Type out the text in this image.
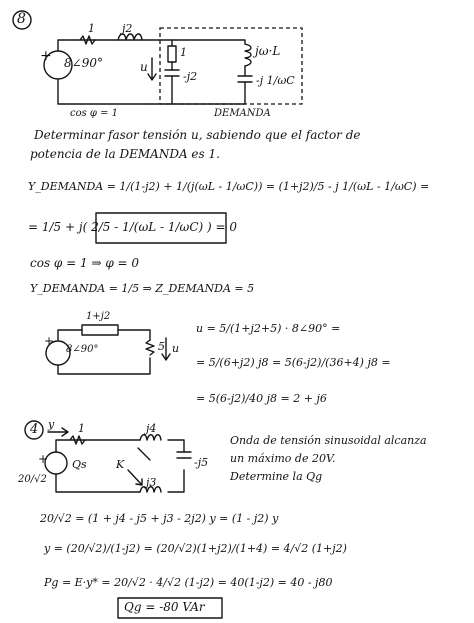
8
+ 8∠90°
1 j2
u
1
-j2
jω·L
-j 1/ωC
cos φ = 1	DEMANDA
Determinar fasor tensión u, sabiendo que el factor de
potencia de la DEMANDA es 1.
Y_DEMANDA = 1/(1-j2) + 1/(j(ωL - 1/ωC)) = (1+j2)/5 - j 1/(ωL - 1/ωC) =
= 1/5 + j( 2/5 - 1/(ωL - 1/ωC) ) = 0
cos φ = 1 ⇒ φ = 0
Y_DEMANDA = 1/5 ⇒ Z_DEMANDA = 5
1+j2
5 u
8∠90°
+
u = 5/(1+j2+5) · 8∠90° =
= 5/(6+j2) j8 = 5(6-j2)/(36+4) j8 =
= 5(6-j2)/40 j8 = 2 + j6
4 y 1	j4
-j5
j3
K
Qs
20/√2
+
Onda de tensión sinusoidal alcanza
un máximo de 20V.
Determine la Qg
20/√2 = (1 + j4 - j5 + j3 - 2j2) y = (1 - j2) y
y = (20/√2)/(1-j2) = (20/√2)(1+j2)/(1+4) = 4/√2 (1+j2)
Pg = E·y* = 20/√2 · 4/√2 (1-j2) = 40(1-j2) = 40 - j80
Qg = -80 VAr
